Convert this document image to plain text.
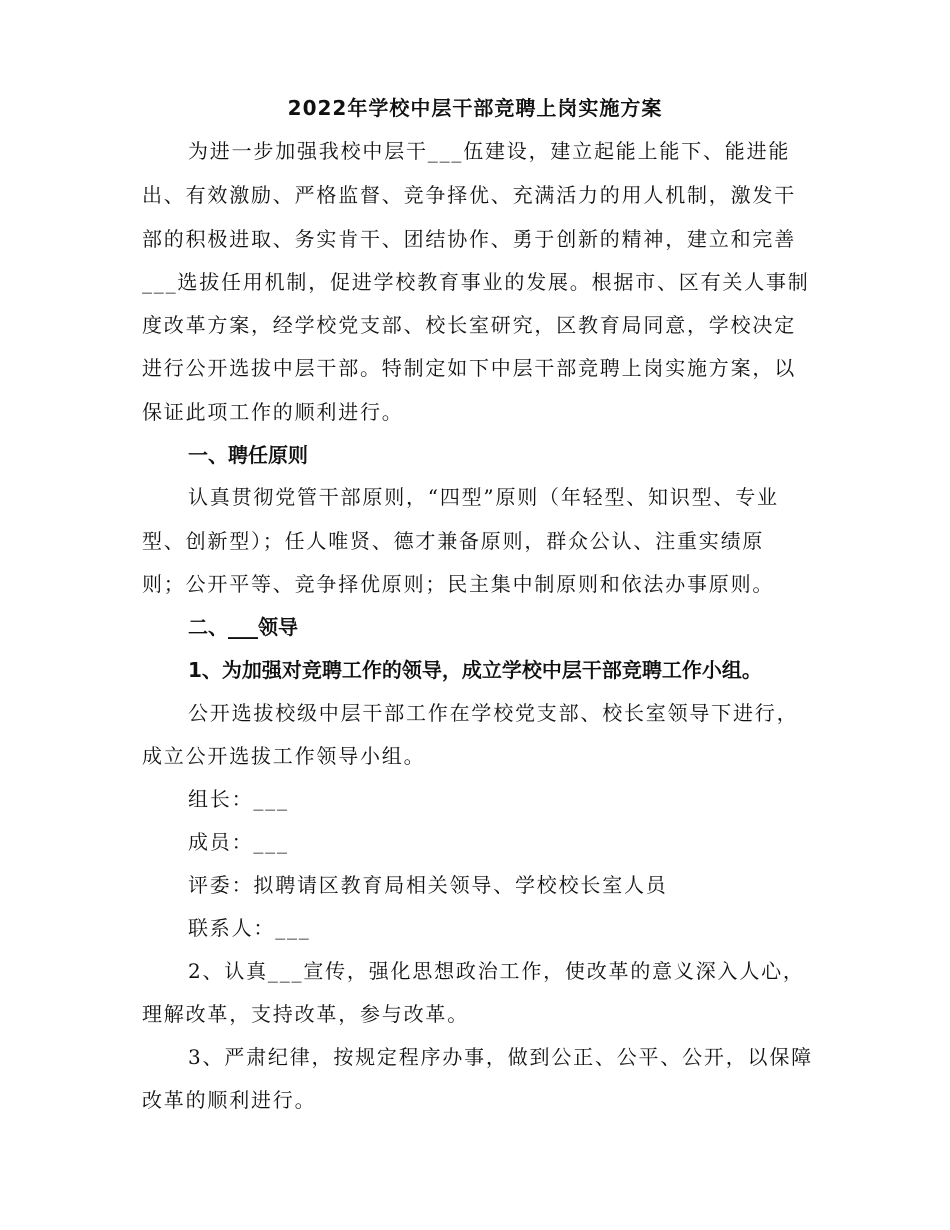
2022年学校中层干部竞聘上岗实施方案
为进一步加强我校中层干___伍建设，建立起能上能下、能进能
出、有效激励、严格监督、竞争择优、充满活力的用人机制，激发干
部的积极进取、务实肯干、团结协作、勇于创新的精神，建立和完善
___选拔任用机制，促进学校教育事业的发展。根据市、区有关人事制
度改革方案，经学校党支部、校长室研究，区教育局同意，学校决定
进行公开选拔中层干部。特制定如下中层干部竞聘上岗实施方案，以
保证此项工作的顺利进行。
一、聘任原则
认真贯彻党管干部原则，“四型”原则（年轻型、知识型、专业
型、创新型）；任人唯贤、德才兼备原则，群众公认、注重实绩原
则；公开平等、竞争择优原则；民主集中制原则和依法办事原则。
二、___领导
1、为加强对竞聘工作的领导，成立学校中层干部竞聘工作小组。
公开选拔校级中层干部工作在学校党支部、校长室领导下进行，
成立公开选拔工作领导小组。
组长：___
成员：___
评委：拟聘请区教育局相关领导、学校校长室人员
联系人：___
2、认真___宣传，强化思想政治工作，使改革的意义深入人心，
理解改革，支持改革，参与改革。
3、严肃纪律，按规定程序办事，做到公正、公平、公开，以保障
改革的顺利进行。
